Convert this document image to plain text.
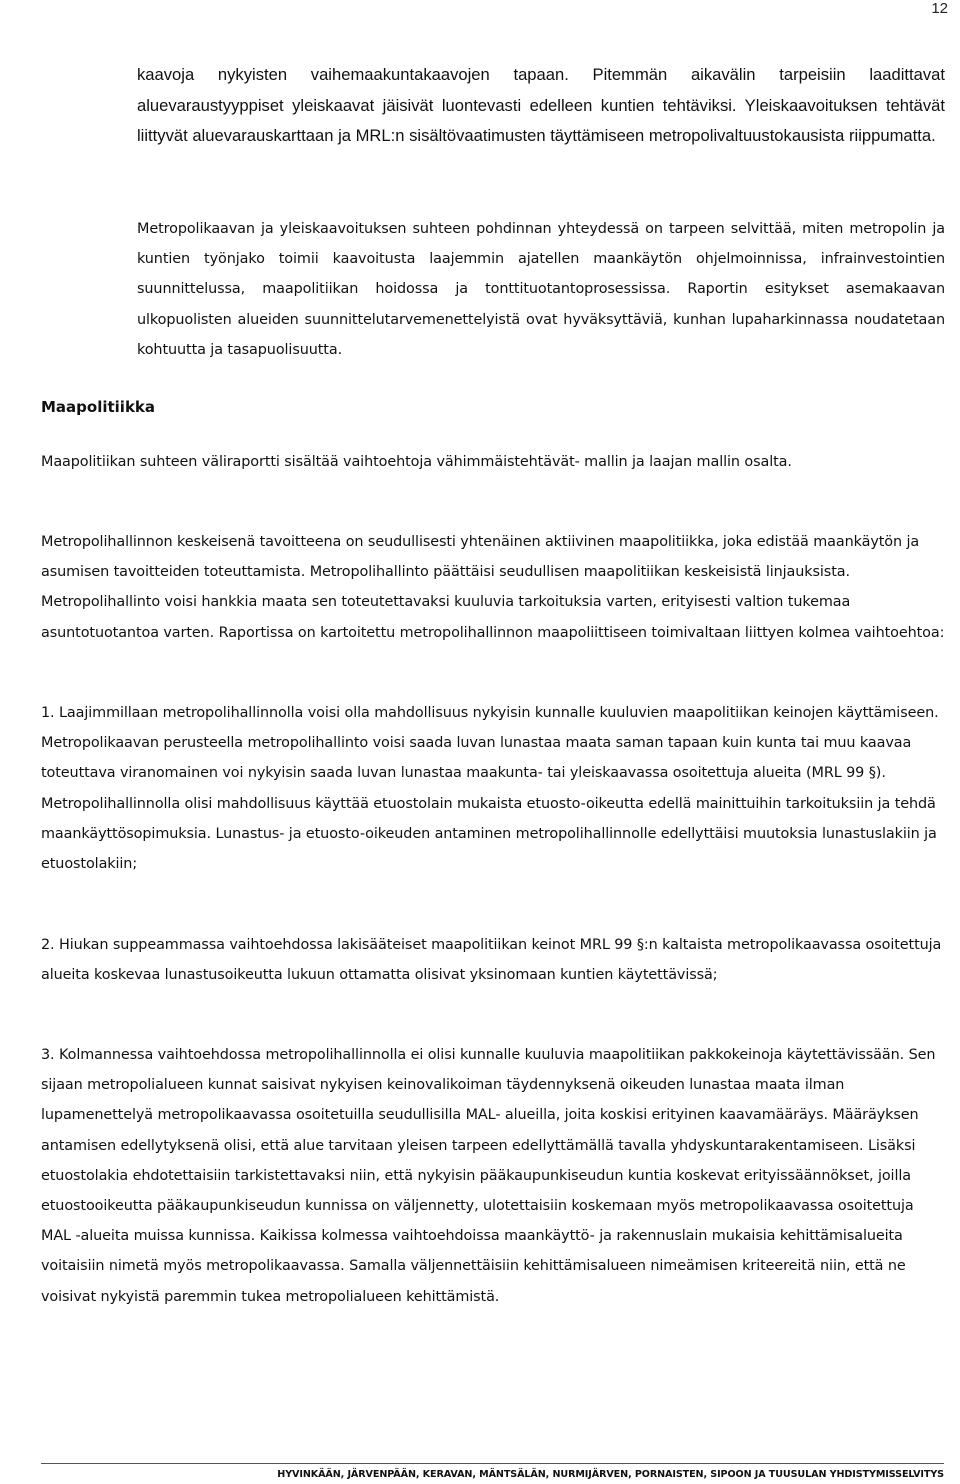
12

kaavoja nykyisten vaihemaakuntakaavojen tapaan. Pitemmän aikavälin tarpeisiin laadittavat aluevaraustyyppiset yleiskaavat jäisivät luontevasti edelleen kuntien tehtäviksi. Yleiskaavoituksen tehtävät liittyvät aluevarauskarttaan ja MRL:n sisältövaatimusten täyttämiseen metropolivaltuustokausista riippumatta.

Metropolikaavan ja yleiskaavoituksen suhteen pohdinnan yhteydessä on tarpeen selvittää, miten metropolin ja kuntien työnjako toimii kaavoitusta laajemmin ajatellen maankäytön ohjelmoinnissa, infrainvestointien suunnittelussa, maapolitiikan hoidossa ja tonttituotantoprosessissa. Raportin esitykset asemakaavan ulkopuolisten alueiden suunnittelutarvemenettelyistä ovat hyväksyttäviä, kunhan lupaharkinnassa noudatetaan kohtuutta ja tasapuolisuutta.

Maapolitiikka

Maapolitiikan suhteen väliraportti sisältää vaihtoehtoja vähimmäistehtävät- mallin ja laajan mallin osalta.

Metropolihallinnon keskeisenä tavoitteena on seudullisesti yhtenäinen aktiivinen maapolitiikka, joka edistää maankäytön ja asumisen tavoitteiden toteuttamista. Metropolihallinto päättäisi seudullisen maapolitiikan keskeisistä linjauksista. Metropolihallinto voisi hankkia maata sen toteutettavaksi kuuluvia tarkoituksia varten, erityisesti valtion tukemaa asuntotuotantoa varten. Raportissa on kartoitettu metropolihallinnon maapoliittiseen toimivaltaan liittyen kolmea vaihtoehtoa:

1. Laajimmillaan metropolihallinnolla voisi olla mahdollisuus nykyisin kunnalle kuuluvien maapolitiikan keinojen käyttämiseen. Metropolikaavan perusteella metropolihallinto voisi saada luvan lunastaa maata saman tapaan kuin kunta tai muu kaavaa toteuttava viranomainen voi nykyisin saada luvan lunastaa maakunta- tai yleiskaavassa osoitettuja alueita (MRL 99 §). Metropolihallinnolla olisi mahdollisuus käyttää etuostolain mukaista etuosto-oikeutta edellä mainittuihin tarkoituksiin ja tehdä maankäyttösopimuksia. Lunastus- ja etuosto-oikeuden antaminen metropolihallinnolle edellyttäisi muutoksia lunastuslakiin ja etuostolakiin;

2. Hiukan suppeammassa vaihtoehdossa lakisääteiset maapolitiikan keinot MRL 99 §:n kaltaista metropolikaavassa osoitettuja alueita koskevaa lunastusoikeutta lukuun ottamatta olisivat yksinomaan kuntien käytettävissä;

3. Kolmannessa vaihtoehdossa metropolihallinnolla ei olisi kunnalle kuuluvia maapolitiikan pakkokeinoja käytettävissään. Sen sijaan metropolialueen kunnat saisivat nykyisen keinovalikoiman täydennyksenä oikeuden lunastaa maata ilman lupamenettelyä metropolikaavassa osoitetuilla seudullisilla MAL- alueilla, joita koskisi erityinen kaavamääräys. Määräyksen antamisen edellytyksenä olisi, että alue tarvitaan yleisen tarpeen edellyttämällä tavalla yhdyskuntarakentamiseen. Lisäksi etuostolakia ehdotettaisiin tarkistettavaksi niin, että nykyisin pääkaupunkiseudun kuntia koskevat erityissäännökset, joilla etuostooikeutta pääkaupunkiseudun kunnissa on väljennetty, ulotettaisiin koskemaan myös metropolikaavassa osoitettuja MAL -alueita muissa kunnissa. Kaikissa kolmessa vaihtoehdoissa maankäyttö- ja rakennuslain mukaisia kehittämisalueita voitaisiin nimetä myös metropolikaavassa. Samalla väljennettäisiin kehittämisalueen nimeämisen kriteereitä niin, että ne voisivat nykyistä paremmin tukea metropolialueen kehittämistä.

HYVINKÄÄN, JÄRVENPÄÄN, KERAVAN, MÄNTSÄLÄN, NURMIJÄRVEN, PORNAISTEN, SIPOON JA TUUSULAN YHDISTYMISSELVITYS
